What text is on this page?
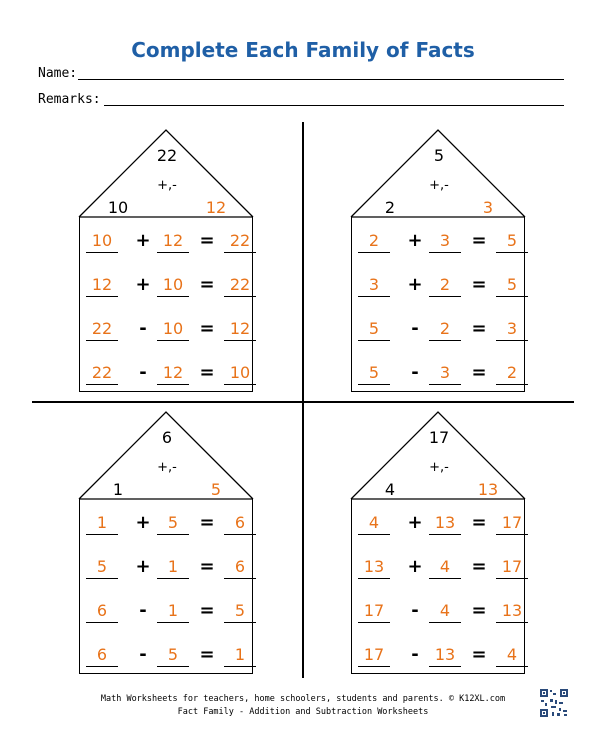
Complete Each Family of Facts
Name:
Remarks:
22
+,-
10	12
10	+ 12 = 22
12	+ 10 = 22
22	-	10 = 12
22	-	12 = 10
5
+,-
2	3
2	+	3	=	5
3	+	2	=	5
5	-	2	=	3
5	-	3	=	2
6
+,-
1	5
1	+	5	=	6
5	+	1	=	6
6	-	1	=	5
6	-	5	=	1
17
+,-
4	13
4	+ 13 = 17
13	+	4	= 17
17	-	4	= 13
17	-	13 =	4
Math Worksheets for teachers, home schoolers, students and parents. © K12XL.com
Fact Family - Addition and Subtraction Worksheets
